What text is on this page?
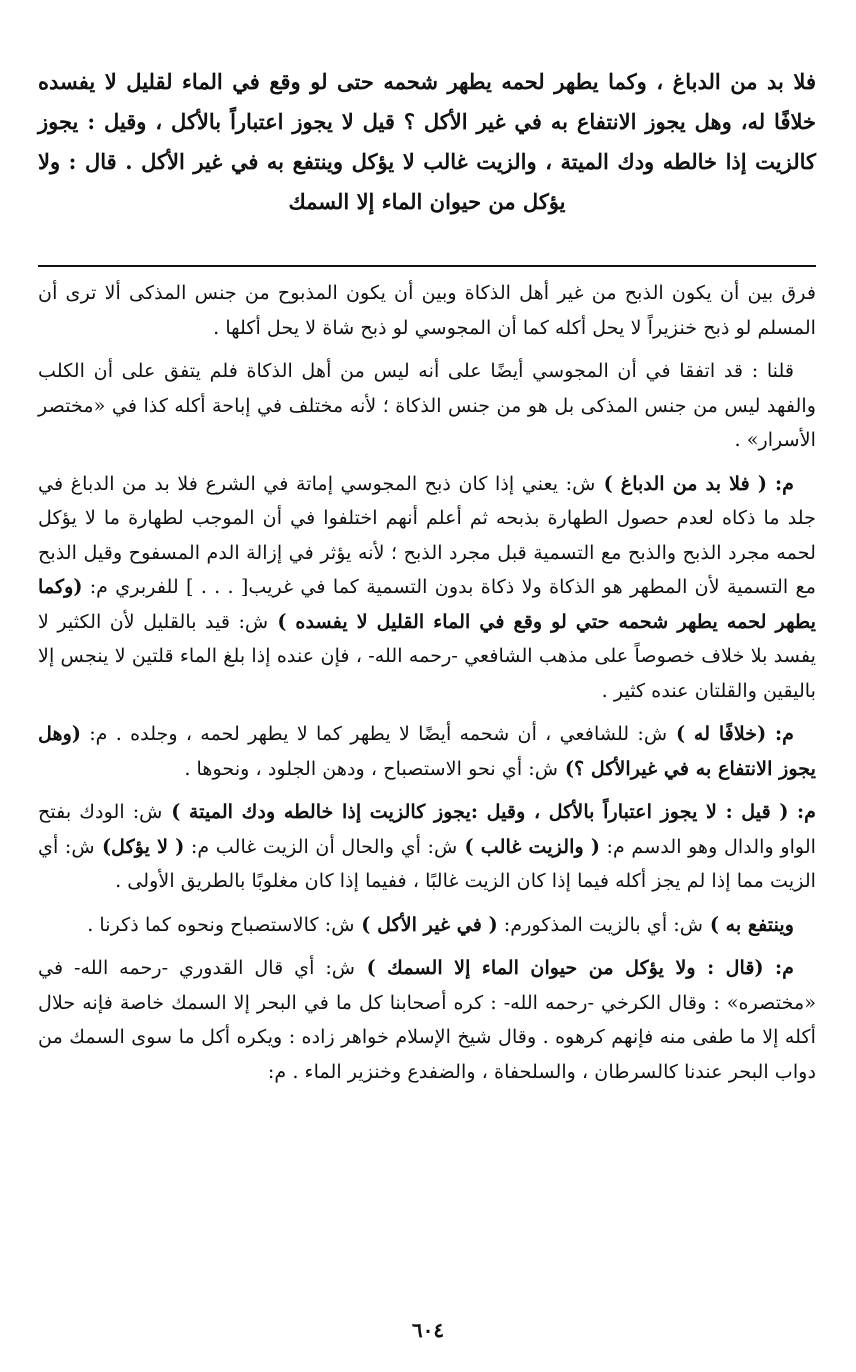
فلا بد من الدباغ ، وكما يطهر لحمه يطهر شحمه حتى لو وقع في الماء لقليل لا يفسده خلافًا له، وهل يجوز الانتفاع به في غير الأكل ؟ قيل لا يجوز اعتباراً بالأكل ، وقيل : يجوز كالزيت إذا خالطه ودك الميتة ، والزيت غالب لا يؤكل وينتفع به في غير الأكل . قال : ولا يؤكل من حيوان الماء إلا السمك

فرق بين أن يكون الذبح من غير أهل الذكاة وبين أن يكون المذبوح من جنس المذكى ألا ترى أن المسلم لو ذبح خنزيراً لا يحل أكله كما أن المجوسي لو ذبح شاة لا يحل أكلها .

قلنا : قد اتفقا في أن المجوسي أيضًا على أنه ليس من أهل الذكاة فلم يتفق على أن الكلب والفهد ليس من جنس المذكى بل هو من جنس الذكاة ؛ لأنه مختلف في إباحة أكله كذا في «مختصر الأسرار» .

م: ( فلا بد من الدباغ ) ش: يعني إذا كان ذبح المجوسي إماتة في الشرع فلا بد من الدباغ في جلد ما ذكاه لعدم حصول الطهارة بذبحه ثم أعلم أنهم اختلفوا في أن الموجب لطهارة ما لا يؤكل لحمه مجرد الذبح والذبح مع التسمية قبل مجرد الذبح ؛ لأنه يؤثر في إزالة الدم المسفوح وقيل الذبح مع التسمية لأن المطهر هو الذكاة ولا ذكاة بدون التسمية كما في غريب[ . . . ] للفربري م: (وكما يطهر لحمه يطهر شحمه حتي لو وقع في الماء القليل لا يفسده ) ش: قيد بالقليل لأن الكثير لا يفسد بلا خلاف خصوصاً على مذهب الشافعي -رحمه الله- ، فإن عنده إذا بلغ الماء قلتين لا ينجس إلا باليقين والقلتان عنده كثير .

م: (خلافًا له ) ش: للشافعي ، أن شحمه أيضًا لا يطهر كما لا يطهر لحمه ، وجلده . م: (وهل يجوز الانتفاع به في غيرالأكل ؟) ش: أي نحو الاستصباح ، ودهن الجلود ، ونحوها .

م: ( قيل : لا يجوز اعتباراً بالأكل ، وقيل :يجوز كالزيت إذا خالطه ودك الميتة ) ش: الودك بفتح الواو والدال وهو الدسم م: ( والزيت غالب ) ش: أي والحال أن الزيت غالب م: ( لا يؤكل) ش: أي الزيت مما إذا لم يجز أكله فيما إذا كان الزيت غالبًا ، ففيما إذا كان مغلوبًا بالطريق الأولى .

وينتفع به ) ش: أي بالزيت المذكورم: ( في غير الأكل ) ش: كالاستصباح ونحوه كما ذكرنا .

م: (قال : ولا يؤكل من حيوان الماء إلا السمك ) ش: أي قال القدوري -رحمه الله- في «مختصره» : وقال الكرخي -رحمه الله- : كره أصحابنا كل ما في البحر إلا السمك خاصة فإنه حلال أكله إلا ما طفى منه فإنهم كرهوه . وقال شيخ الإسلام خواهر زاده : ويكره أكل ما سوى السمك من دواب البحر عندنا كالسرطان ، والسلحفاة ، والضفدع وخنزير الماء . م:

٦٠٤
